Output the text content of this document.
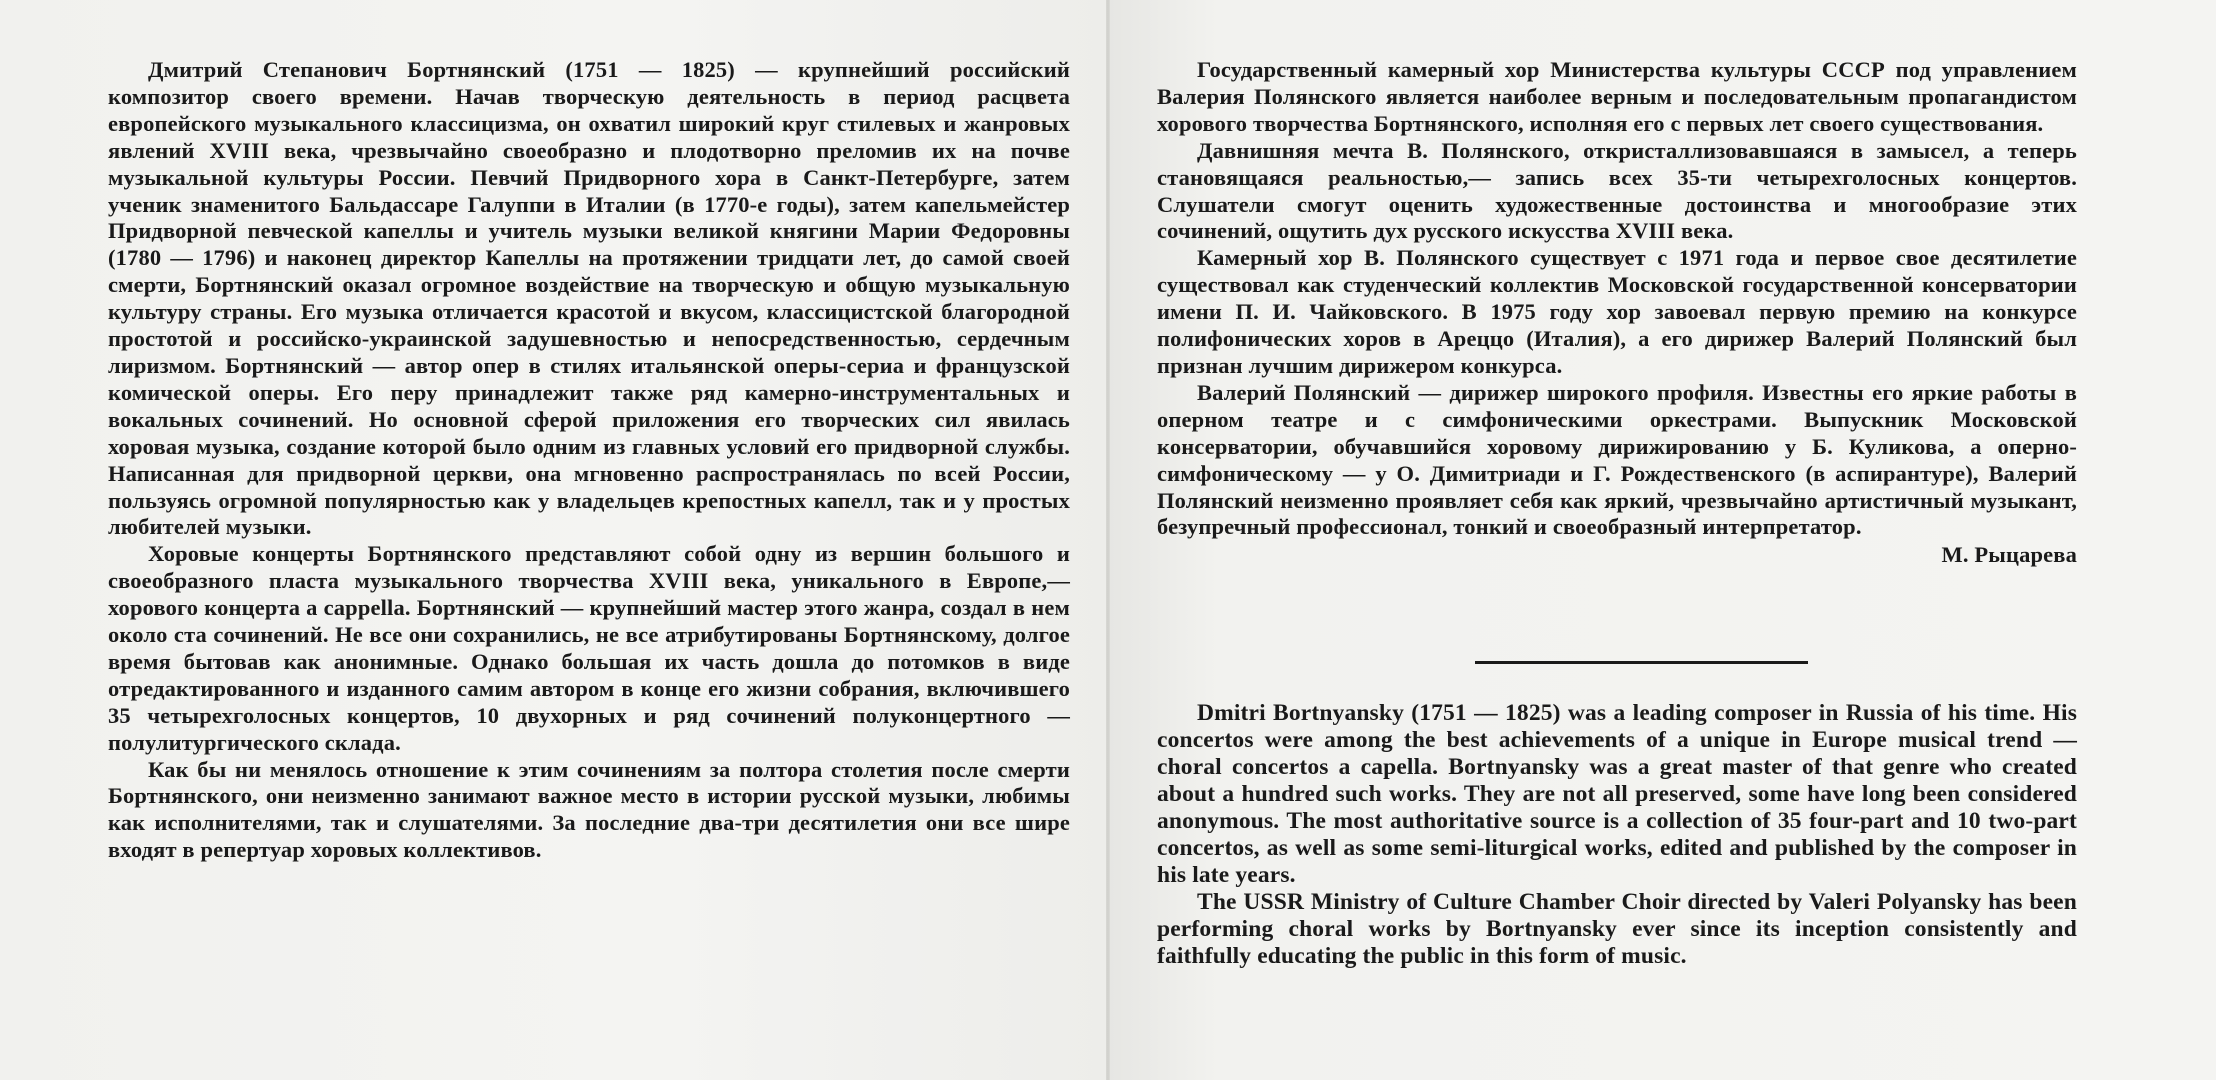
Дмитрий Степанович Бортнянский (1751 — 1825) — крупнейший российский композитор своего времени. Начав творческую деятельность в период расцвета европейского музыкального классицизма, он охватил широкий круг стилевых и жанровых явлений XVIII века, чрезвычайно своеобразно и плодотворно преломив их на почве музыкальной культуры России. Певчий Придворного хора в Санкт-Петербурге, затем ученик знаменитого Бальдассаре Галуппи в Италии (в 1770-е годы), затем капельмейстер Придворной певческой капеллы и учитель музыки великой княгини Марии Федоровны (1780 — 1796) и наконец директор Капеллы на протяжении тридцати лет, до самой своей смерти, Бортнянский оказал огромное воздействие на творческую и общую музыкальную культуру страны. Его музыка отличается красотой и вкусом, классицистской благородной простотой и российско-украинской задушевностью и непосредственностью, сердечным лиризмом. Бортнянский — автор опер в стилях итальянской оперы-сериа и французской комической оперы. Его перу принадлежит также ряд камерно-инструментальных и вокальных сочинений. Но основной сферой приложения его творческих сил явилась хоровая музыка, создание которой было одним из главных условий его придворной службы. Написанная для придворной церкви, она мгновенно распространялась по всей России, пользуясь огромной популярностью как у владельцев крепостных капелл, так и у простых любителей музыки.

Хоровые концерты Бортнянского представляют собой одну из вершин большого и своеобразного пласта музыкального творчества XVIII века, уникального в Европе,— хорового концерта a cappella. Бортнянский — крупнейший мастер этого жанра, создал в нем около ста сочинений. Не все они сохранились, не все атрибутированы Бортнянскому, долгое время бытовав как анонимные. Однако большая их часть дошла до потомков в виде отредактированного и изданного самим автором в конце его жизни собрания, включившего 35 четырехголосных концертов, 10 двухорных и ряд сочинений полуконцертного — полулитургического склада.

Как бы ни менялось отношение к этим сочинениям за полтора столетия после смерти Бортнянского, они неизменно занимают важное место в истории русской музыки, любимы как исполнителями, так и слушателями. За последние два-три десятилетия они все шире входят в репертуар хоровых коллективов.

Государственный камерный хор Министерства культуры СССР под управлением Валерия Полянского является наиболее верным и последовательным пропагандистом хорового творчества Бортнянского, исполняя его с первых лет своего существования.

Давнишняя мечта В. Полянского, откристаллизовавшаяся в замысел, а теперь становящаяся реальностью,— запись всех 35-ти четырехголосных концертов. Слушатели смогут оценить художественные достоинства и многообразие этих сочинений, ощутить дух русского искусства XVIII века.

Камерный хор В. Полянского существует с 1971 года и первое свое десятилетие существовал как студенческий коллектив Московской государственной консерватории имени П. И. Чайковского. В 1975 году хор завоевал первую премию на конкурсе полифонических хоров в Ареццо (Италия), а его дирижер Валерий Полянский был признан лучшим дирижером конкурса.

Валерий Полянский — дирижер широкого профиля. Известны его яркие работы в оперном театре и с симфоническими оркестрами. Выпускник Московской консерватории, обучавшийся хоровому дирижированию у Б. Куликова, а оперно-симфоническому — у О. Димитриади и Г. Рождественского (в аспирантуре), Валерий Полянский неизменно проявляет себя как яркий, чрезвычайно артистичный музыкант, безупречный профессионал, тонкий и своеобразный интерпретатор.

М. Рыцарева

Dmitri Bortnyansky (1751 — 1825) was a leading composer in Russia of his time. His concertos were among the best achievements of a unique in Europe musical trend — choral concertos a capella. Bortnyansky was a great master of that genre who created about a hundred such works. They are not all preserved, some have long been considered anonymous. The most authoritative source is a collection of 35 four-part and 10 two-part concertos, as well as some semi-liturgical works, edited and published by the composer in his late years.

The USSR Ministry of Culture Chamber Choir directed by Valeri Polyansky has been performing choral works by Bortnyansky ever since its inception consistently and faithfully educating the public in this form of music.
